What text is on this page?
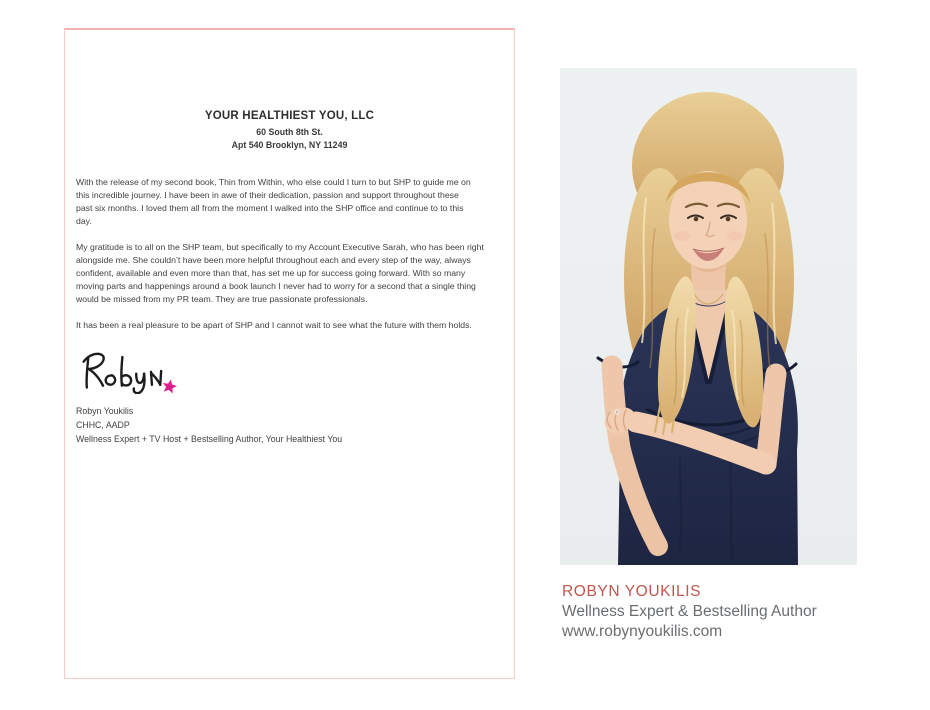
YOUR HEALTHIEST YOU, LLC
60 South 8th St.
Apt 540 Brooklyn, NY 11249

With the release of my second book, Thin from Within, who else could I turn to but SHP to guide me on
this incredible journey. I have been in awe of their dedication, passion and support throughout these
past six months. I loved them all from the moment I walked into the SHP office and continue to to this
day.

My gratitude is to all on the SHP team, but specifically to my Account Executive Sarah, who has been right
alongside me. She couldn’t have been more helpful throughout each and every step of the way, always
confident, available and even more than that, has set me up for success going forward. With so many
moving parts and happenings around a book launch I never had to worry for a second that a single thing
would be missed from my PR team. They are true passionate professionals.

It has been a real pleasure to be apart of SHP and I cannot wait to see what the future with them holds.

Robyn Youkilis
CHHC, AADP
Wellness Expert + TV Host + Bestselling Author, Your Healthiest You
ROBYN YOUKILIS
Wellness Expert & Bestselling Author
www.robynyoukilis.com
